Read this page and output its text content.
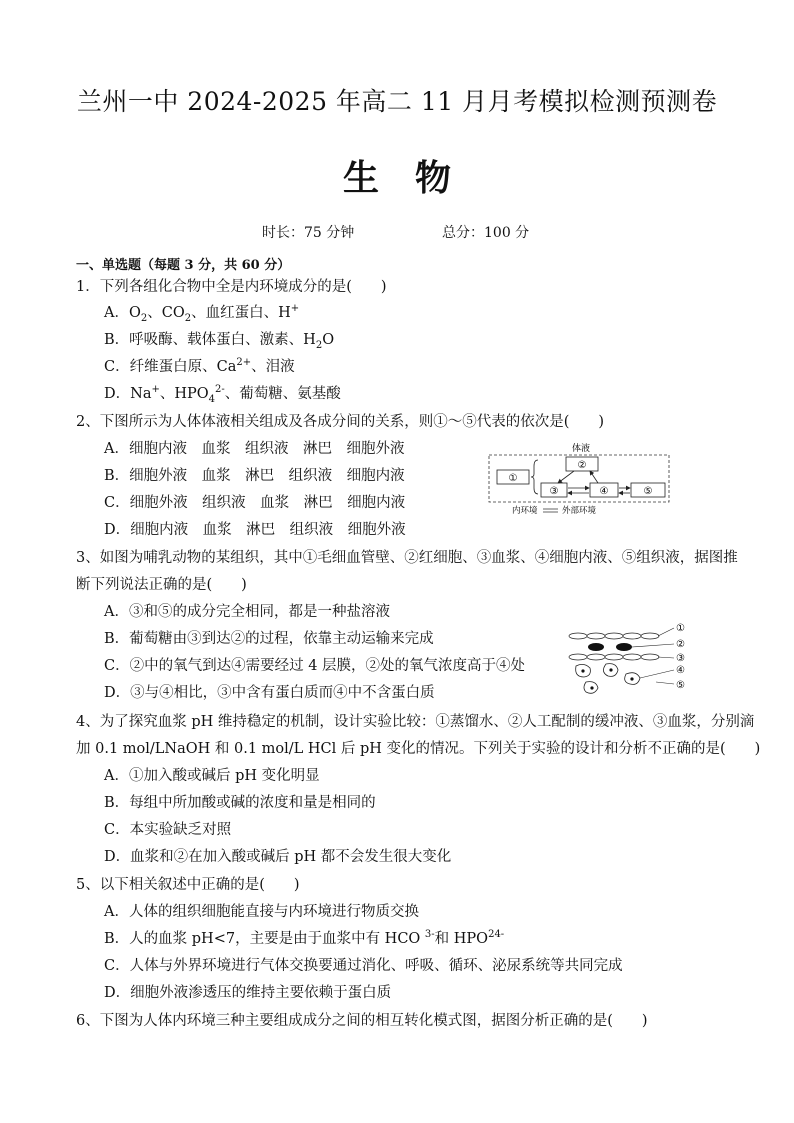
兰州一中 2024-2025 年高二 11 月月考模拟检测预测卷
生 物
时长：75 分钟	总分：100 分
一、单选题（每题 3 分，共 60 分）
1．下列各组化合物中全是内环境成分的是(　　)
A．$O_2$、$CO_2$、血红蛋白、H+
B．呼吸酶、载体蛋白、激素、$H_2O$
C．纤维蛋白原、$Ca^{2+}$、泪液
D．Na+、$HPO_4^{2-}$、葡萄糖、氨基酸
2、下图所示为人体体液相关组成及各成分间的关系，则①～⑤代表的依次是(　　)
A．细胞内液　血浆　组织液　淋巴　细胞外液
B．细胞外液　血浆　淋巴　组织液　细胞内液
C．细胞外液　组织液　血浆　淋巴　细胞内液
D．细胞内液　血浆　淋巴　组织液　细胞外液
体液
①
②
③	④	⑤
内环境	外部环境
3、如图为哺乳动物的某组织，其中①毛细血管壁、②红细胞、③血浆、④细胞内液、⑤组织液，据图推
断下列说法正确的是(　　)
A．③和⑤的成分完全相同，都是一种盐溶液
B．葡萄糖由③到达②的过程，依靠主动运输来完成
C．②中的氧气到达④需要经过 4 层膜，②处的氧气浓度高于④处
D．③与④相比，③中含有蛋白质而④中不含蛋白质
①
②
③
④
⑤
4、为了探究血浆 pH 维持稳定的机制，设计实验比较：①蒸馏水、②人工配制的缓冲液、③血浆，分别滴
加 0.1 mol/LNaOH 和 0.1 mol/L HCl 后 pH 变化的情况。下列关于实验的设计和分析不正确的是(　　)
A．①加入酸或碱后 pH 变化明显
B．每组中所加酸或碱的浓度和量是相同的
C．本实验缺乏对照
D．血浆和②在加入酸或碱后 pH 都不会发生很大变化
5、以下相关叙述中正确的是(　　)
A．人体的组织细胞能直接与内环境进行物质交换
B．人的血浆 pH<7，主要是由于血浆中有 HCO $^{3-}$和 $HPO^{24-}$
C．人体与外界环境进行气体交换要通过消化、呼吸、循环、泌尿系统等共同完成
D．细胞外液渗透压的维持主要依赖于蛋白质
6、下图为人体内环境三种主要组成成分之间的相互转化模式图，据图分析正确的是(　　)
